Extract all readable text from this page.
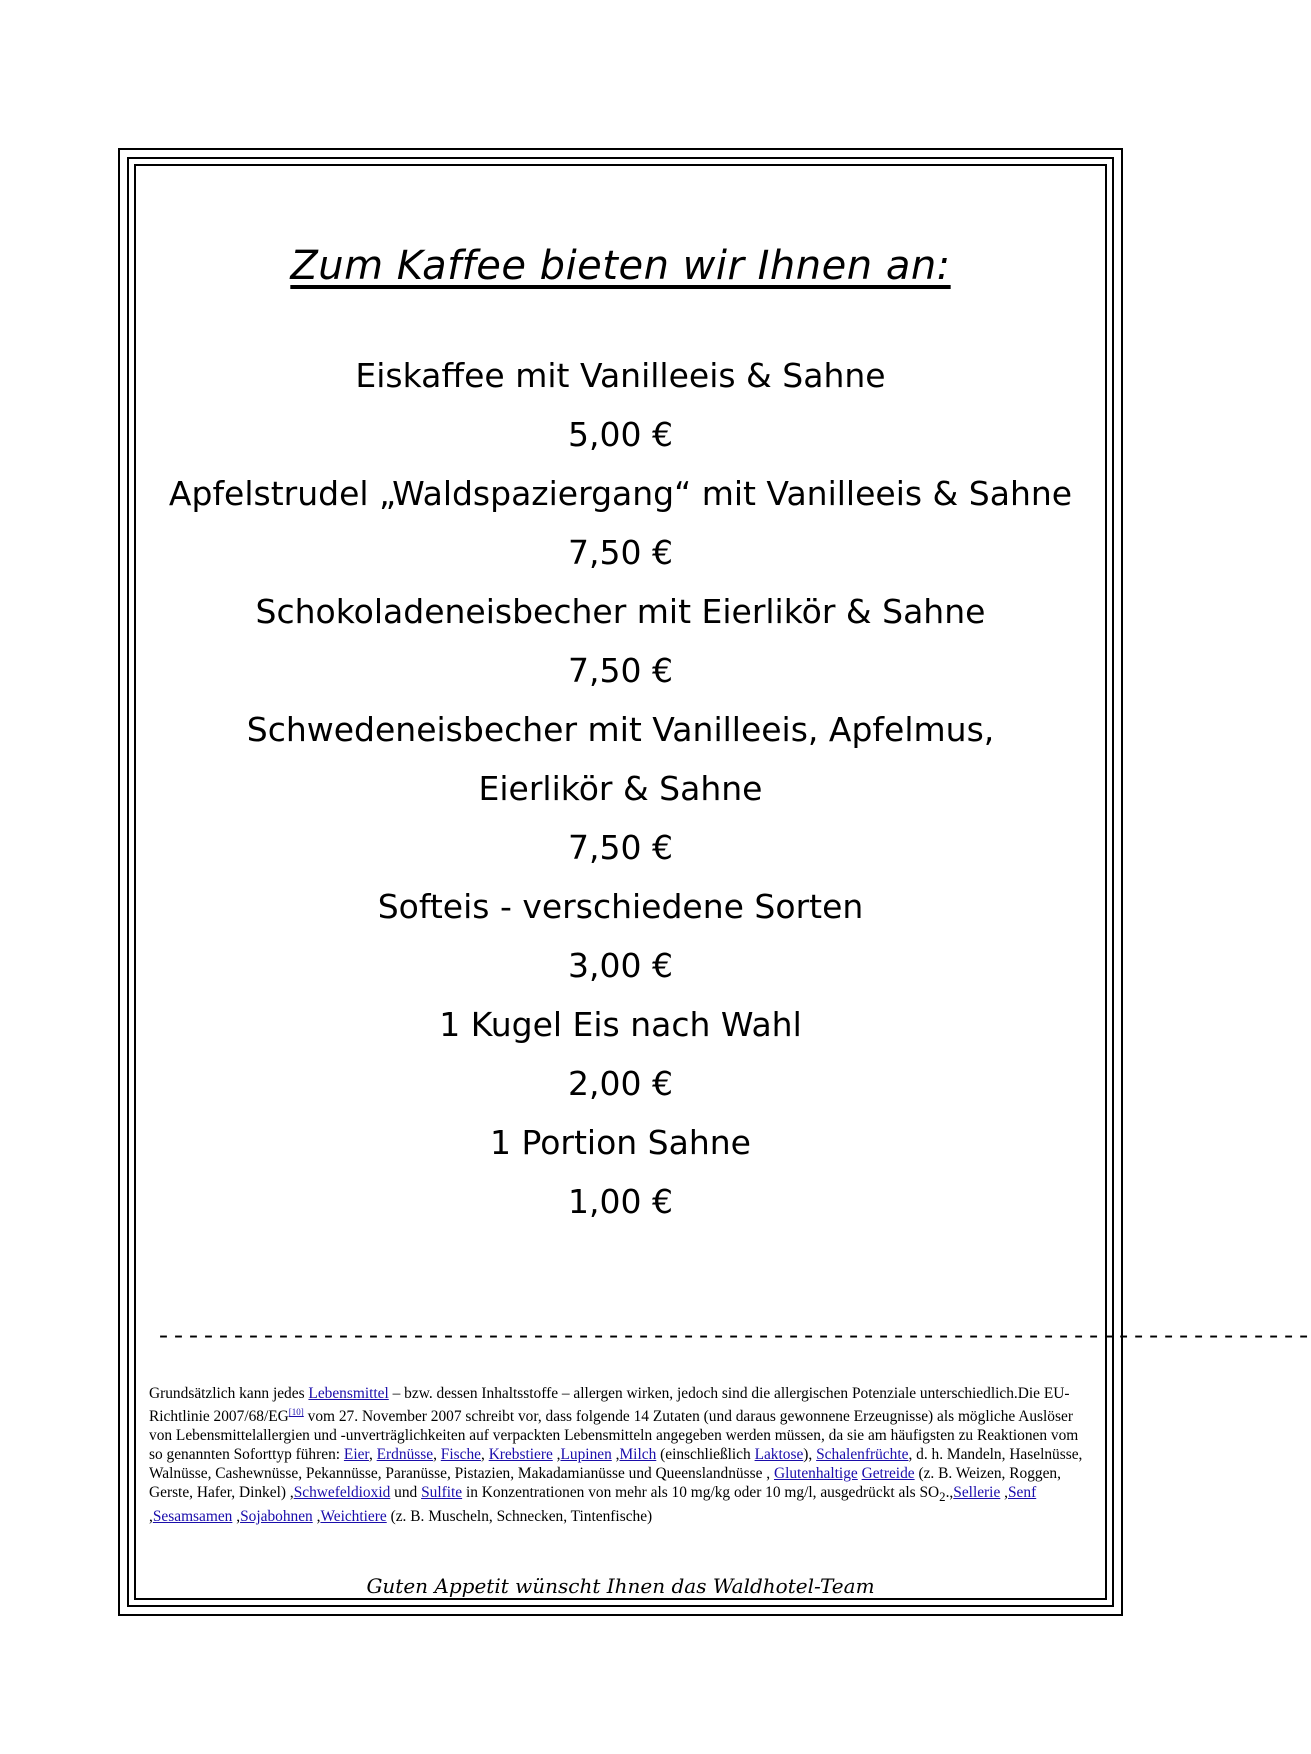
Zum Kaffee bieten wir Ihnen an:
Eiskaffee mit Vanilleeis & Sahne
5,00 €
Apfelstrudel „Waldspaziergang“ mit Vanilleeis & Sahne
7,50 €
Schokoladeneisbecher mit Eierlikör & Sahne
7,50 €
Schwedeneisbecher mit Vanilleeis, Apfelmus, Eierlikör & Sahne
7,50 €
Softeis - verschiedene Sorten
3,00 €
1 Kugel Eis nach Wahl
2,00 €
1 Portion Sahne
1,00 €
-----------------------------------------------------------------------------
Grundsätzlich kann jedes Lebensmittel – bzw. dessen Inhaltsstoffe – allergen wirken, jedoch sind die allergischen Potenziale unterschiedlich.Die EU-Richtlinie 2007/68/EG[10] vom 27. November 2007 schreibt vor, dass folgende 14 Zutaten (und daraus gewonnene Erzeugnisse) als mögliche Auslöser von Lebensmittelallergien und -unverträglichkeiten auf verpackten Lebensmitteln angegeben werden müssen, da sie am häufigsten zu Reaktionen vom so genannten Soforttyp führen: Eier, Erdnüsse, Fische, Krebstiere ,Lupinen ,Milch (einschließlich Laktose), Schalenfrüchte, d. h. Mandeln, Haselnüsse, Walnüsse, Cashewnüsse, Pekannüsse, Paranüsse, Pistazien, Makadamianüsse und Queenslandnüsse , Glutenhaltige Getreide (z. B. Weizen, Roggen, Gerste, Hafer, Dinkel) ,Schwefeldioxid und Sulfite in Konzentrationen von mehr als 10 mg/kg oder 10 mg/l, ausgedrückt als $SO_2.,Sellerie$ ,Senf ,Sesamsamen ,Sojabohnen ,Weichtiere (z. B. Muscheln, Schnecken, Tintenfische)
Guten Appetit wünscht Ihnen das Waldhotel-Team
